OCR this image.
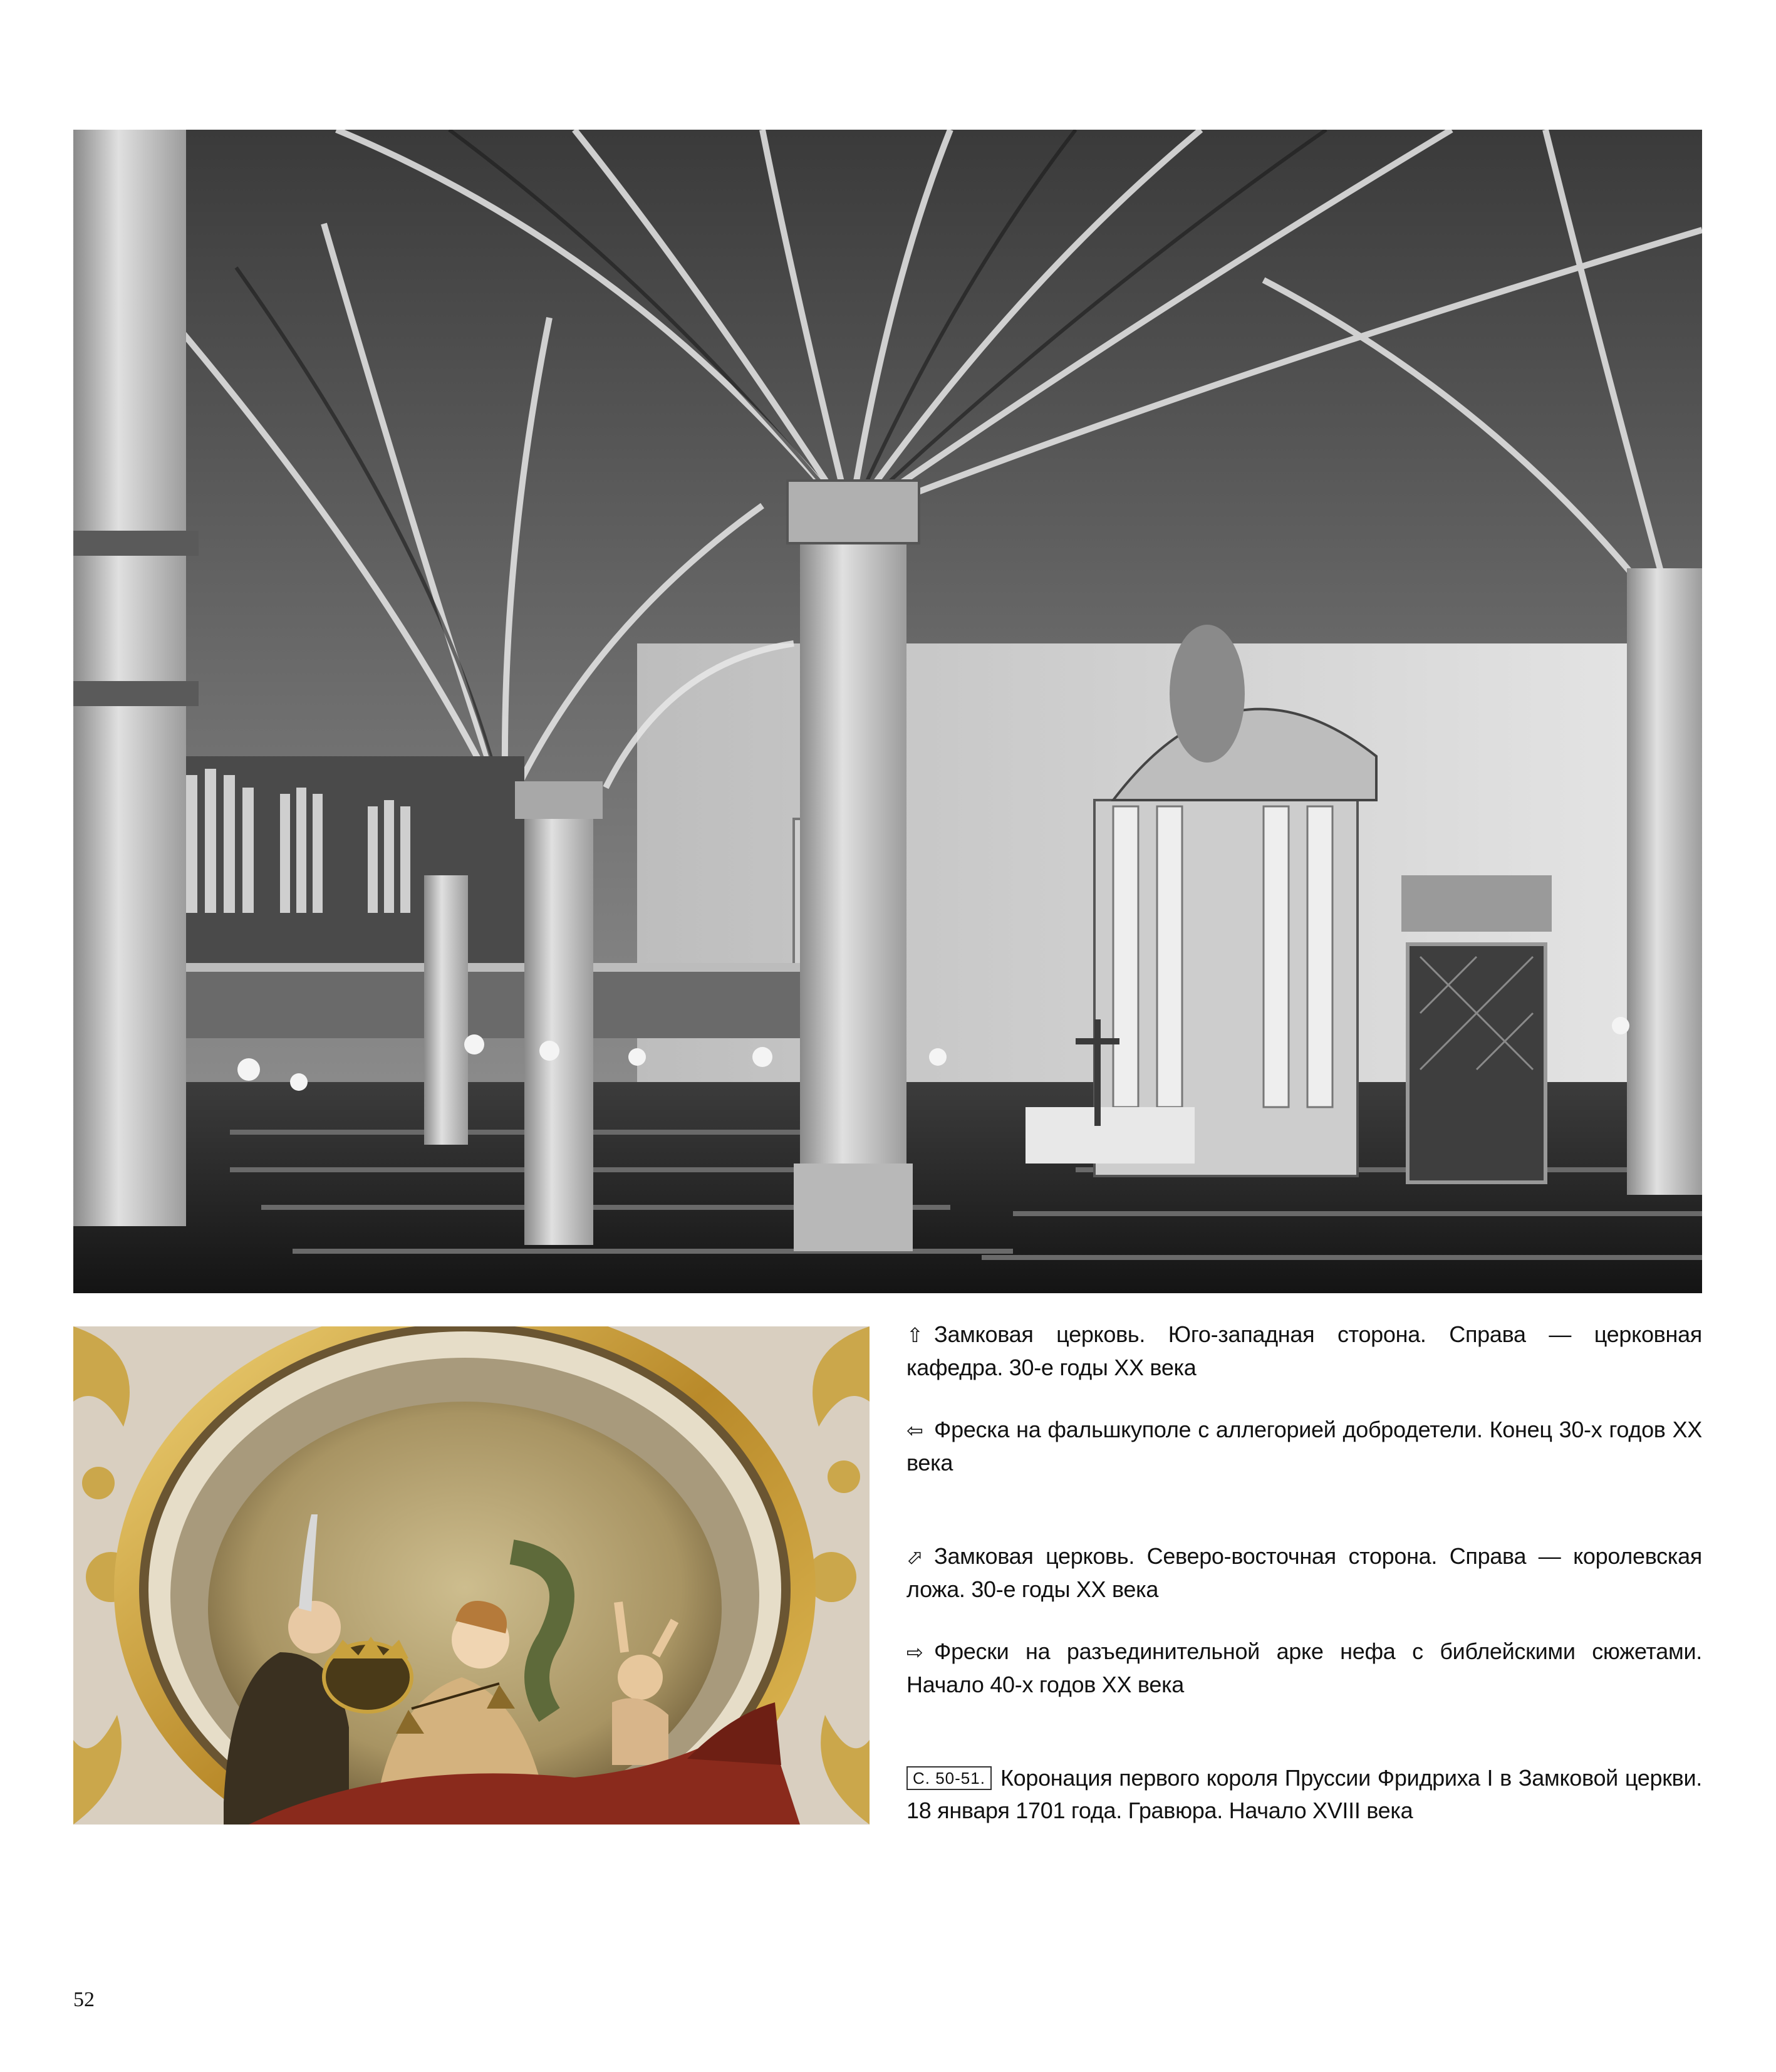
⇧ Замковая церковь. Юго-западная сторона. Справа — церковная кафедра. 30-е годы XX века

⇦ Фреска на фальшкуполе с аллегорией добродетели. Конец 30-х годов XX века

⬀ Замковая церковь. Северо-восточная сторона. Справа — королевская ложа. 30-е годы XX века

⇨ Фрески на разъединительной арке нефа с библейскими сюжетами. Начало 40-х годов XX века

С. 50-51. Коронация первого короля Пруссии Фридриха I в Замковой церкви. 18 января 1701 года. Гравюра. Начало XVIII века

52
